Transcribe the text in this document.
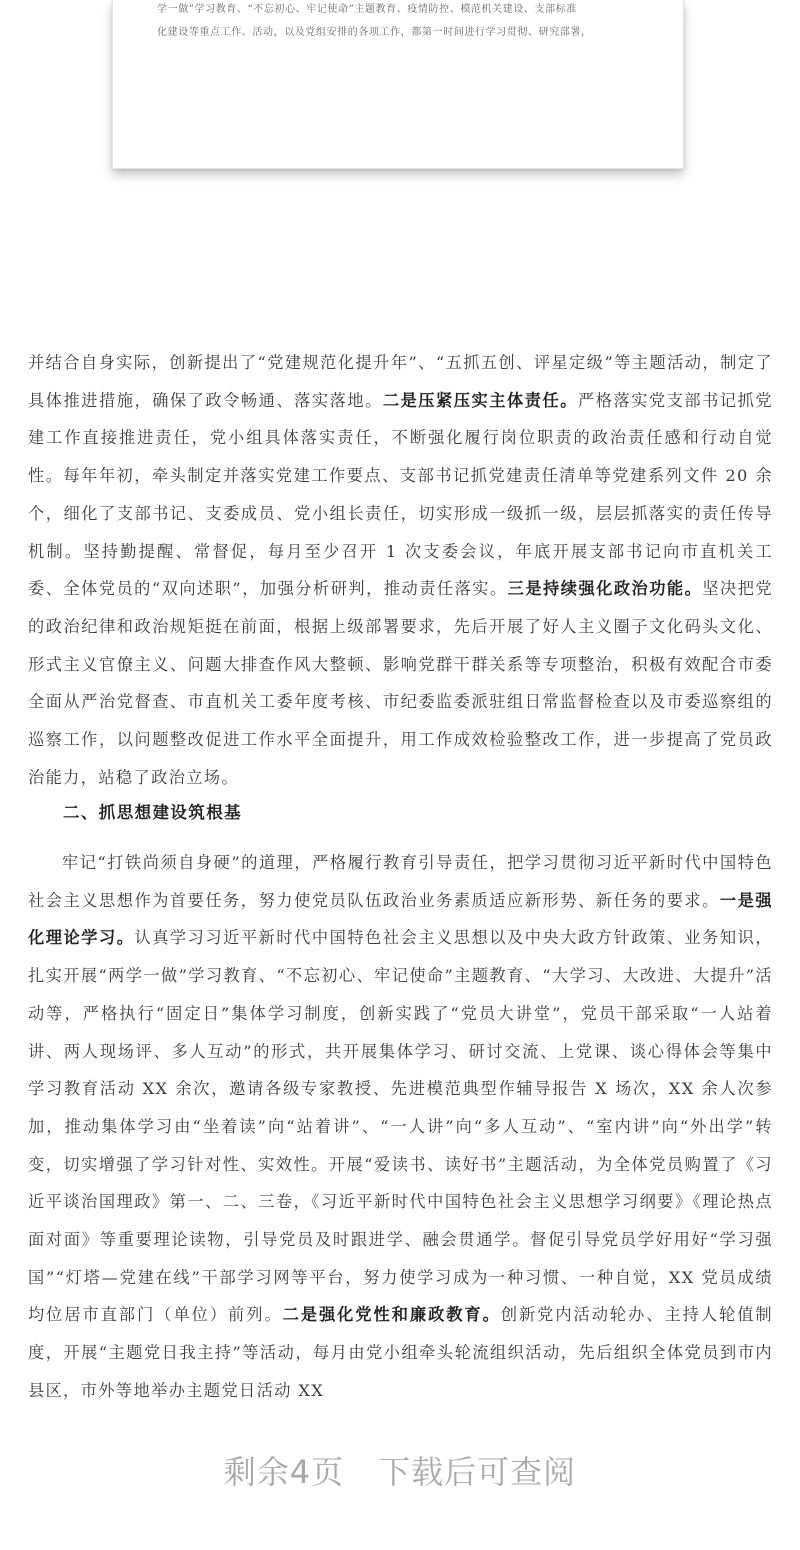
学一做”学习教育、“不忘初心、牢记使命”主题教育、疫情防控、模范机关建设、支部标准
化建设等重点工作、活动，以及党组安排的各项工作，都第一时间进行学习贯彻、研究部署，
并结合自身实际，创新提出了“党建规范化提升年”、“五抓五创、评星定级”等主题活动，制定了具体推进措施，确保了政令畅通、落实落地。二是压紧压实主体责任。严格落实党支部书记抓党建工作直接推进责任，党小组具体落实责任，不断强化履行岗位职责的政治责任感和行动自觉性。每年年初，牵头制定并落实党建工作要点、支部书记抓党建责任清单等党建系列文件 20 余个，细化了支部书记、支委成员、党小组长责任，切实形成一级抓一级，层层抓落实的责任传导机制。坚持勤提醒、常督促，每月至少召开 1 次支委会议，年底开展支部书记向市直机关工委、全体党员的“双向述职”，加强分析研判，推动责任落实。三是持续强化政治功能。坚决把党的政治纪律和政治规矩挺在前面，根据上级部署要求，先后开展了好人主义圈子文化码头文化、形式主义官僚主义、问题大排查作风大整顿、影响党群干群关系等专项整治，积极有效配合市委全面从严治党督查、市直机关工委年度考核、市纪委监委派驻组日常监督检查以及市委巡察组的巡察工作，以问题整改促进工作水平全面提升，用工作成效检验整改工作，进一步提高了党员政治能力，站稳了政治立场。
二、抓思想建设筑根基
牢记“打铁尚须自身硬”的道理，严格履行教育引导责任，把学习贯彻习近平新时代中国特色社会主义思想作为首要任务，努力使党员队伍政治业务素质适应新形势、新任务的要求。一是强化理论学习。认真学习习近平新时代中国特色社会主义思想以及中央大政方针政策、业务知识，扎实开展“两学一做”学习教育、“不忘初心、牢记使命”主题教育、“大学习、大改进、大提升”活动等，严格执行“固定日”集体学习制度，创新实践了“党员大讲堂”，党员干部采取“一人站着讲、两人现场评、多人互动”的形式，共开展集体学习、研讨交流、上党课、谈心得体会等集中学习教育活动 XX 余次，邀请各级专家教授、先进模范典型作辅导报告 X 场次，XX 余人次参加，推动集体学习由“坐着读”向“站着讲”、“一人讲”向“多人互动”、“室内讲”向“外出学”转变，切实增强了学习针对性、实效性。开展“爱读书、读好书”主题活动，为全体党员购置了《习近平谈治国理政》第一、二、三卷，《习近平新时代中国特色社会主义思想学习纲要》《理论热点面对面》等重要理论读物，引导党员及时跟进学、融会贯通学。督促引导党员学好用好“学习强国”“灯塔—党建在线”干部学习网等平台，努力使学习成为一种习惯、一种自觉，XX 党员成绩均位居市直部门（单位）前列。二是强化党性和廉政教育。创新党内活动轮办、主持人轮值制度，开展“主题党日我主持”等活动，每月由党小组牵头轮流组织活动，先后组织全体党员到市内县区，市外等地举办主题党日活动 XX
剩余4页 下载后可查阅
